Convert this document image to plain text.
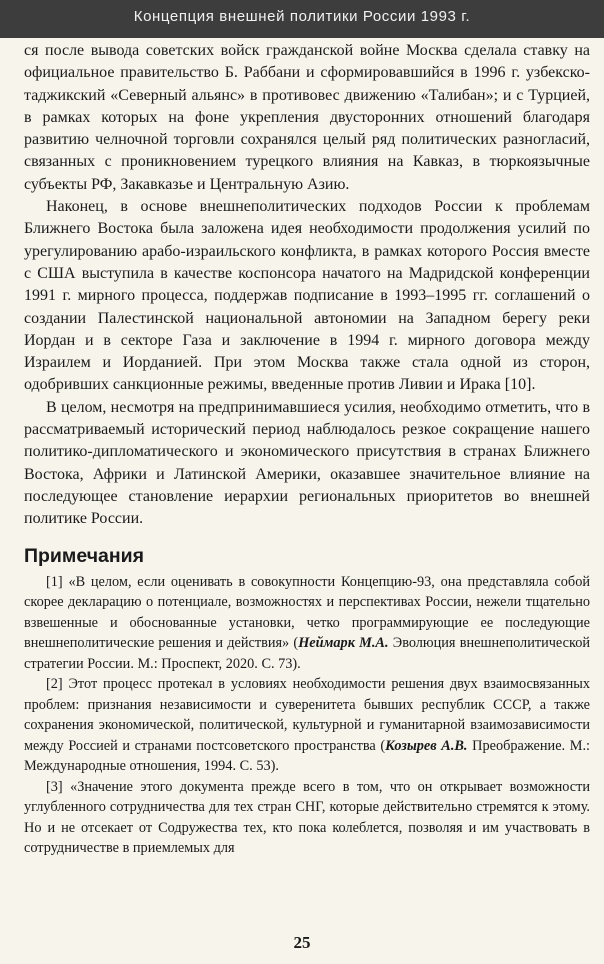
Концепция внешней политики России 1993 г.

ся после вывода советских войск гражданской войне Москва сделала ставку на официальное правительство Б. Раббани и сформировавшийся в 1996 г. узбекско-таджикский «Северный альянс» в противовес движению «Талибан»; и с Турцией, в рамках которых на фоне укрепления двусторонних отношений благодаря развитию челночной торговли сохранялся целый ряд политических разногласий, связанных с проникновением турецкого влияния на Кавказ, в тюркоязычные субъекты РФ, Закавказье и Центральную Азию.

Наконец, в основе внешнеполитических подходов России к проблемам Ближнего Востока была заложена идея необходимости продолжения усилий по урегулированию арабо-израильского конфликта, в рамках которого Россия вместе с США выступила в качестве коспонсора начатого на Мадридской конференции 1991 г. мирного процесса, поддержав подписание в 1993–1995 гг. соглашений о создании Палестинской национальной автономии на Западном берегу реки Иордан и в секторе Газа и заключение в 1994 г. мирного договора между Израилем и Иорданией. При этом Москва также стала одной из сторон, одобривших санкционные режимы, введенные против Ливии и Ирака [10].

В целом, несмотря на предпринимавшиеся усилия, необходимо отметить, что в рассматриваемый исторический период наблюдалось резкое сокращение нашего политико-дипломатического и экономического присутствия в странах Ближнего Востока, Африки и Латинской Америки, оказавшее значительное влияние на последующее становление иерархии региональных приоритетов во внешней политике России.

Примечания

[1] «В целом, если оценивать в совокупности Концепцию-93, она представляла собой скорее декларацию о потенциале, возможностях и перспективах России, нежели тщательно взвешенные и обоснованные установки, четко программирующие ее последующие внешнеполитические решения и действия» (Неймарк М.А. Эволюция внешнеполитической стратегии России. М.: Проспект, 2020. С. 73).

[2] Этот процесс протекал в условиях необходимости решения двух взаимосвязанных проблем: признания независимости и суверенитета бывших республик СССР, а также сохранения экономической, политической, культурной и гуманитарной взаимозависимости между Россией и странами постсоветского пространства (Козырев А.В. Преображение. М.: Международные отношения, 1994. С. 53).

[3] «Значение этого документа прежде всего в том, что он открывает возможности углубленного сотрудничества для тех стран СНГ, которые действительно стремятся к этому. Но и не отсекает от Содружества тех, кто пока колеблется, позволяя и им участвовать в сотрудничестве в приемлемых для

25
